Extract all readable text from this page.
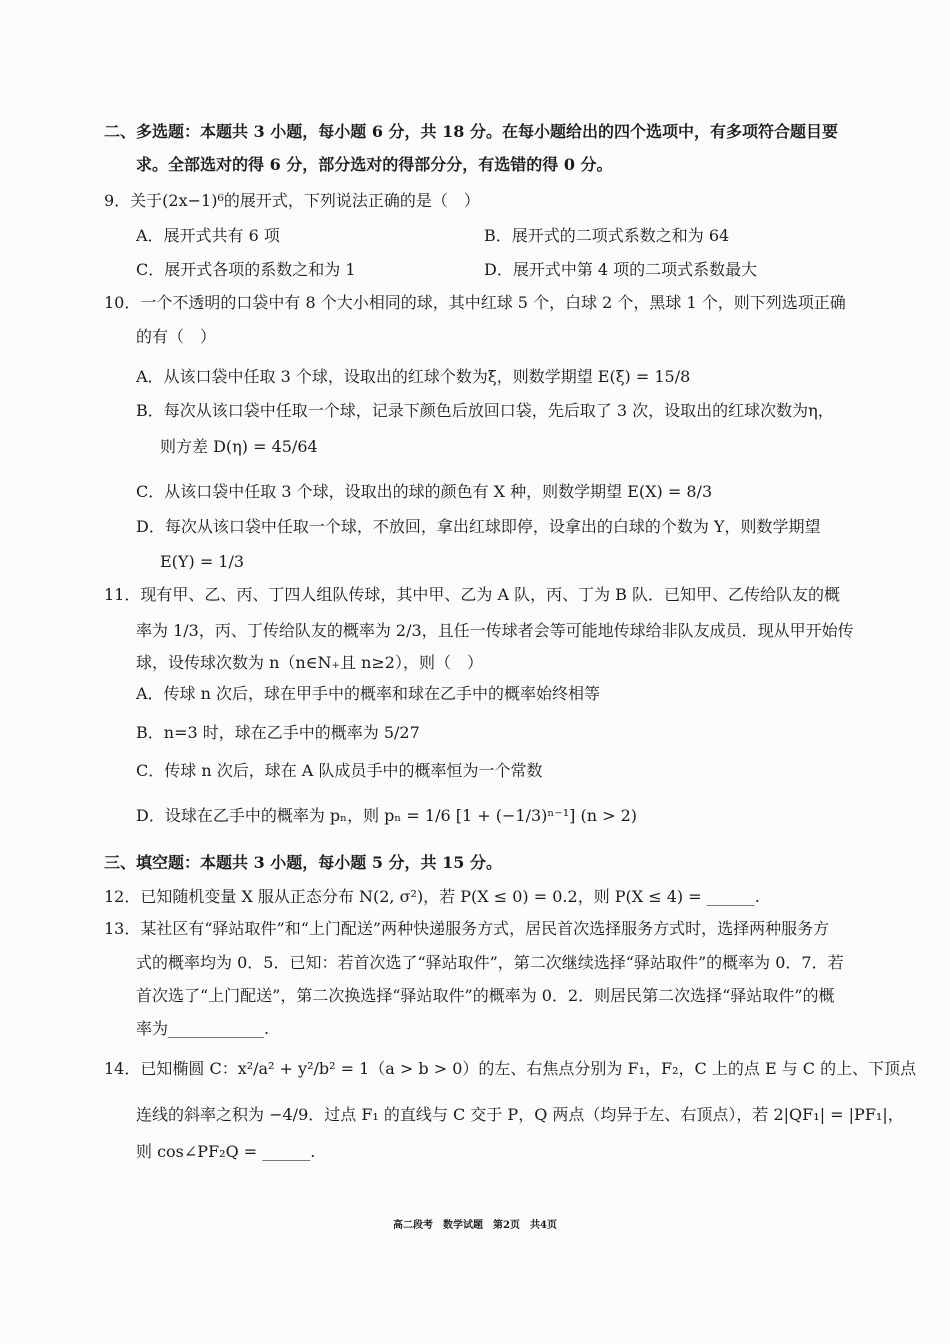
二、多选题：本题共 3 小题，每小题 6 分，共 18 分。在每小题给出的四个选项中，有多项符合题目要
求。全部选对的得 6 分，部分选对的得部分分，有选错的得 0 分。
9．关于(2x−1)⁶的展开式，下列说法正确的是（　）
A．展开式共有 6 项	B．展开式的二项式系数之和为 64
C．展开式各项的系数之和为 1	D．展开式中第 4 项的二项式系数最大
10．一个不透明的口袋中有 8 个大小相同的球，其中红球 5 个，白球 2 个，黑球 1 个，则下列选项正确
的有（　）
A．从该口袋中任取 3 个球，设取出的红球个数为ξ，则数学期望 E(ξ) = 15/8
B．每次从该口袋中任取一个球，记录下颜色后放回口袋，先后取了 3 次，设取出的红球次数为η，
则方差 D(η) = 45/64
C．从该口袋中任取 3 个球，设取出的球的颜色有 X 种，则数学期望 E(X) = 8/3
D．每次从该口袋中任取一个球，不放回，拿出红球即停，设拿出的白球的个数为 Y，则数学期望
E(Y) = 1/3
11．现有甲、乙、丙、丁四人组队传球，其中甲、乙为 A 队，丙、丁为 B 队．已知甲、乙传给队友的概
率为 1/3，丙、丁传给队友的概率为 2/3，且任一传球者会等可能地传球给非队友成员．现从甲开始传
球，设传球次数为 n（n∈N₊且 n≥2），则（　）
A．传球 n 次后，球在甲手中的概率和球在乙手中的概率始终相等
B．n=3 时，球在乙手中的概率为 5/27
C．传球 n 次后，球在 A 队成员手中的概率恒为一个常数
D．设球在乙手中的概率为 pₙ，则 pₙ = 1/6 [1 + (−1/3)ⁿ⁻¹] (n > 2)
三、填空题：本题共 3 小题，每小题 5 分，共 15 分。
12．已知随机变量 X 服从正态分布 N(2, σ²)，若 P(X ≤ 0) = 0.2，则 P(X ≤ 4) = ______.
13．某社区有“驿站取件”和“上门配送”两种快递服务方式，居民首次选择服务方式时，选择两种服务方
式的概率均为 0．5．已知：若首次选了“驿站取件”，第二次继续选择“驿站取件”的概率为 0．7．若
首次选了“上门配送”，第二次换选择“驿站取件”的概率为 0．2．则居民第二次选择“驿站取件”的概
率为____________.
14．已知椭圆 C：x²/a² + y²/b² = 1（a > b > 0）的左、右焦点分别为 F₁，F₂，C 上的点 E 与 C 的上、下顶点
连线的斜率之积为 −4/9．过点 F₁ 的直线与 C 交于 P，Q 两点（均异于左、右顶点），若 2|QF₁| = |PF₁|，
则 cos∠PF₂Q = ______.
高二段考　数学试题　第2页　共4页
